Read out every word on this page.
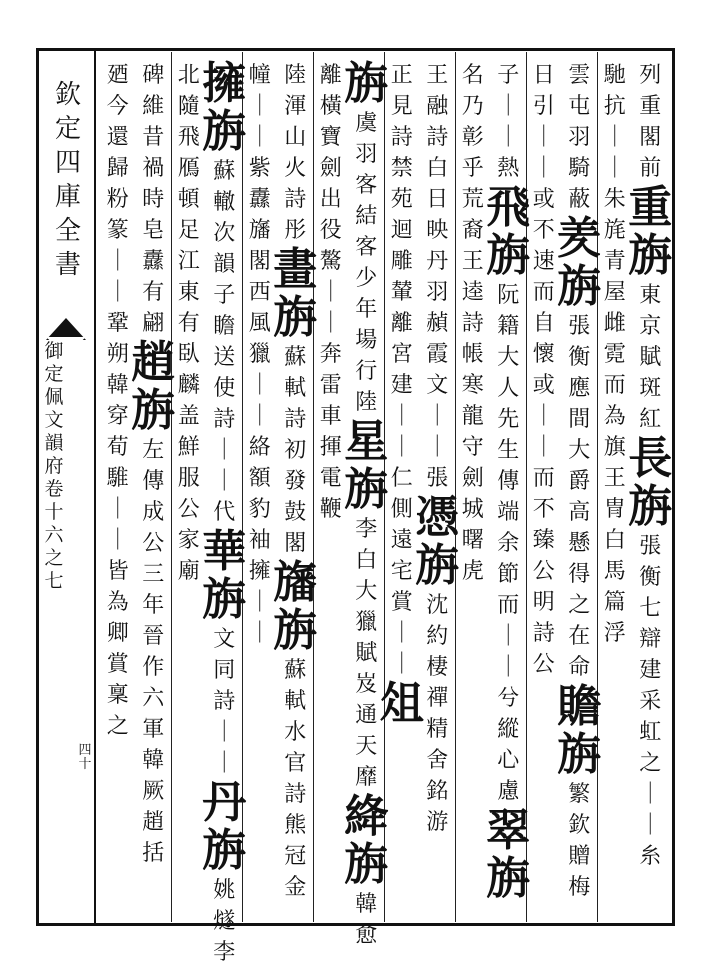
欽定四庫全書
御定佩文韻府卷十六之七
四十
列重閣前
重旃
東京賦斑紅
長旃
張衡七辯建采虹之｜｜糸
馳抗｜｜
朱旄青屋
雌霓而為旗王冑白馬篇浮
雲屯羽騎蔽
羑旃
張衡應間大爵高懸得之在命
贍旃
繁欽贈梅
日引｜｜
或不速而自懷或｜｜而不臻
公明詩公
子｜｜熱
飛旃
阮籍大人先生傳端余節而｜｜兮縱心慮
翠旃
名乃彰
乎荒裔王逵詩帳寒龍守劍城曙虎
王融詩白日映丹羽赬霞文｜｜張
憑旃
沈約棲禪精舍銘游
正見詩禁苑迴雕輦離宮建｜｜
仁側遠宅賞｜｜
俎
旃
虞羽客結客少年場行陸
星旃
李白大獵賦岌通天靡
絳旃
韓愈
離橫寶劍出役驁｜｜
奔雷車揮電鞭
陸渾山火詩彤
畫旃
蘇軾詩初發鼓閣
旛旃
蘇軾水官詩熊冠金
幢｜｜紫纛旛
閣西風獵｜｜
絡額豹袖擁｜｜
擁旃
蘇轍次韻子瞻送使詩｜｜代
華旃
文同詩｜｜
丹旃
姚燧李
北隨飛鴈頓足江東有臥麟
盖鮮服
公家廟
碑維昔禍時皂纛有翩
趙旃
左傳成公三年晉作六軍韓厥趙括
廼今還歸粉篆｜｜
鞏朔韓穿荀騅｜｜皆為卿賞稟之
